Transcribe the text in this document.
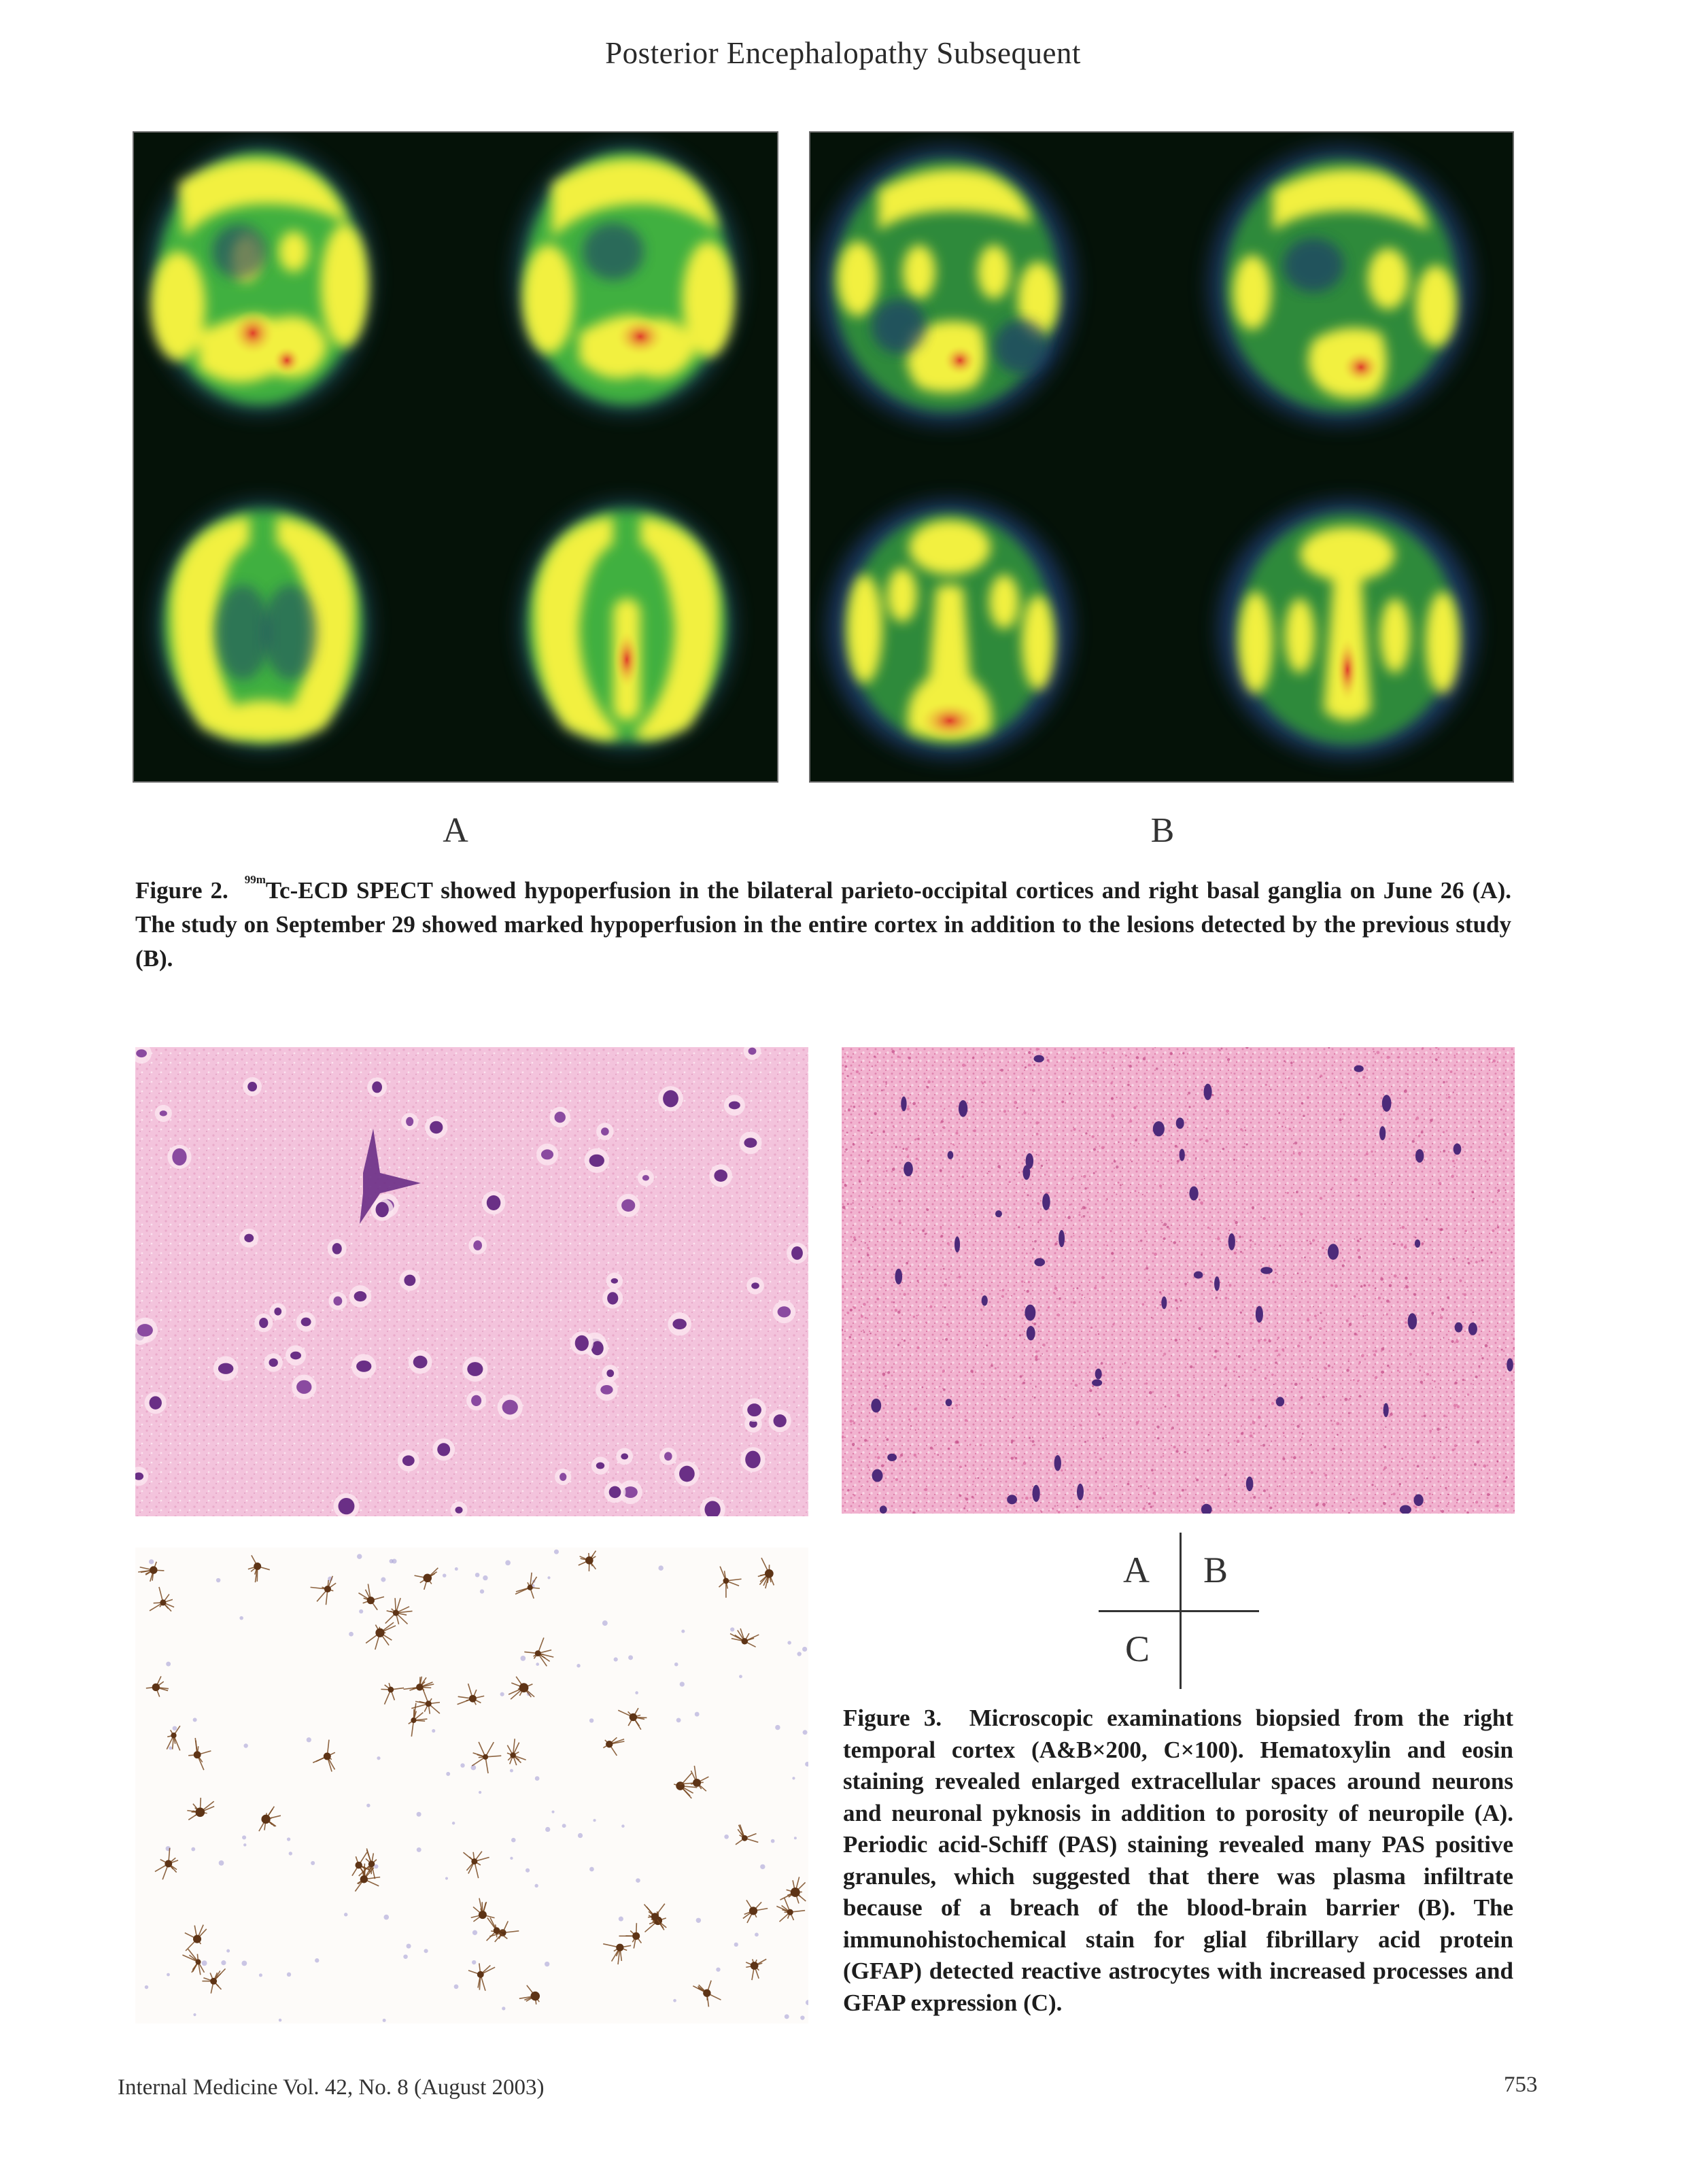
Posterior Encephalopathy Subsequent
A	B
Figure 2. $^{99m}$Tc-ECD SPECT showed hypoperfusion in the bilateral parieto-occipital cortices and right basal ganglia on June 26 (A). The study on September 29 showed marked hypoperfusion in the entire cortex in addition to the lesions detected by the previous study (B).
A B
C
Figure 3. Microscopic examinations biopsied from the right temporal cortex (A&B×200, C×100). Hematoxylin and eosin staining revealed enlarged extracellular spaces around neurons and neuronal pyknosis in addition to porosity of neuropile (A). Periodic acid-Schiff (PAS) staining revealed many PAS positive granules, which suggested that there was plasma infiltrate because of a breach of the blood-brain barrier (B). The immunohistochemical stain for glial fibrillary acid protein (GFAP) detected reactive astrocytes with increased processes and GFAP expression (C).
Internal Medicine Vol. 42, No. 8 (August 2003)	753
